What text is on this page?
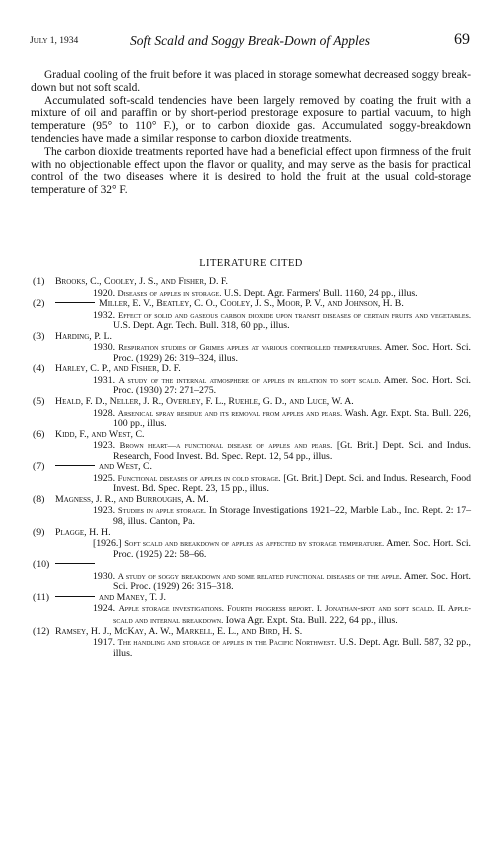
July 1, 1934	Soft Scald and Soggy Break-Down of Apples	69

Gradual cooling of the fruit before it was placed in storage somewhat decreased soggy break-down but not soft scald.

Accumulated soft-scald tendencies have been largely removed by coating the fruit with a mixture of oil and paraffin or by short-period prestorage exposure to partial vacuum, to high temperature (95° to 110° F.), or to carbon dioxide gas. Accumulated soggy-breakdown tendencies have made a similar response to carbon dioxide treatments.

The carbon dioxide treatments reported have had a beneficial effect upon firmness of the fruit with no objectionable effect upon the flavor or quality, and may serve as the basis for practical control of the two diseases where it is desired to hold the fruit at the usual cold-storage temperature of 32° F.

LITERATURE CITED
(1) Brooks, C., Cooley, J. S., and Fisher, D. F.
1920. Diseases of apples in storage. U.S. Dept. Agr. Farmers' Bull. 1160, 24 pp., illus.
(2)	Miller, E. V., Beatley, C. O., Cooley, J. S., Moor, P. V., and Johnson, H. B.
1932. Effect of solid and gaseous carbon dioxide upon transit diseases of certain fruits and vegetables. U.S. Dept. Agr. Tech. Bull. 318, 60 pp., illus.
(3) Harding, P. L.
1930. Respiration studies of Grimes apples at various controlled temperatures. Amer. Soc. Hort. Sci. Proc. (1929) 26: 319–324, illus.
(4) Harley, C. P., and Fisher, D. F.
1931. A study of the internal atmosphere of apples in relation to soft scald. Amer. Soc. Hort. Sci. Proc. (1930) 27: 271–275.
(5) Heald, F. D., Neller, J. R., Overley, F. L., Ruehle, G. D., and Luce, W. A.
1928. Arsenical spray residue and its removal from apples and pears. Wash. Agr. Expt. Sta. Bull. 226, 100 pp., illus.
(6) Kidd, F., and West, C.
1923. Brown heart—a functional disease of apples and pears. [Gt. Brit.] Dept. Sci. and Indus. Research, Food Invest. Bd. Spec. Rept. 12, 54 pp., illus.
(7)	and West, C.
1925. Functional diseases of apples in cold storage. [Gt. Brit.] Dept. Sci. and Indus. Research, Food Invest. Bd. Spec. Rept. 23, 15 pp., illus.
(8) Magness, J. R., and Burroughs, A. M.
1923. Studies in apple storage. In Storage Investigations 1921–22, Marble Lab., Inc. Rept. 2: 17–98, illus. Canton, Pa.
(9) Plagge, H. H.
[1926.] Soft scald and breakdown of apples as affected by storage temperature. Amer. Soc. Hort. Sci. Proc. (1925) 22: 58–66.
(10)
1930. A study of soggy breakdown and some related functional diseases of the apple. Amer. Soc. Hort. Sci. Proc. (1929) 26: 315–318.
(11)	and Maney, T. J.
1924. Apple storage investigations. Fourth progress report. I. Jonathan-spot and soft scald. II. Apple-scald and internal breakdown. Iowa Agr. Expt. Sta. Bull. 222, 64 pp., illus.
(12) Ramsey, H. J., McKay, A. W., Markell, E. L., and Bird, H. S.
1917. The handling and storage of apples in the Pacific Northwest. U.S. Dept. Agr. Bull. 587, 32 pp., illus.
